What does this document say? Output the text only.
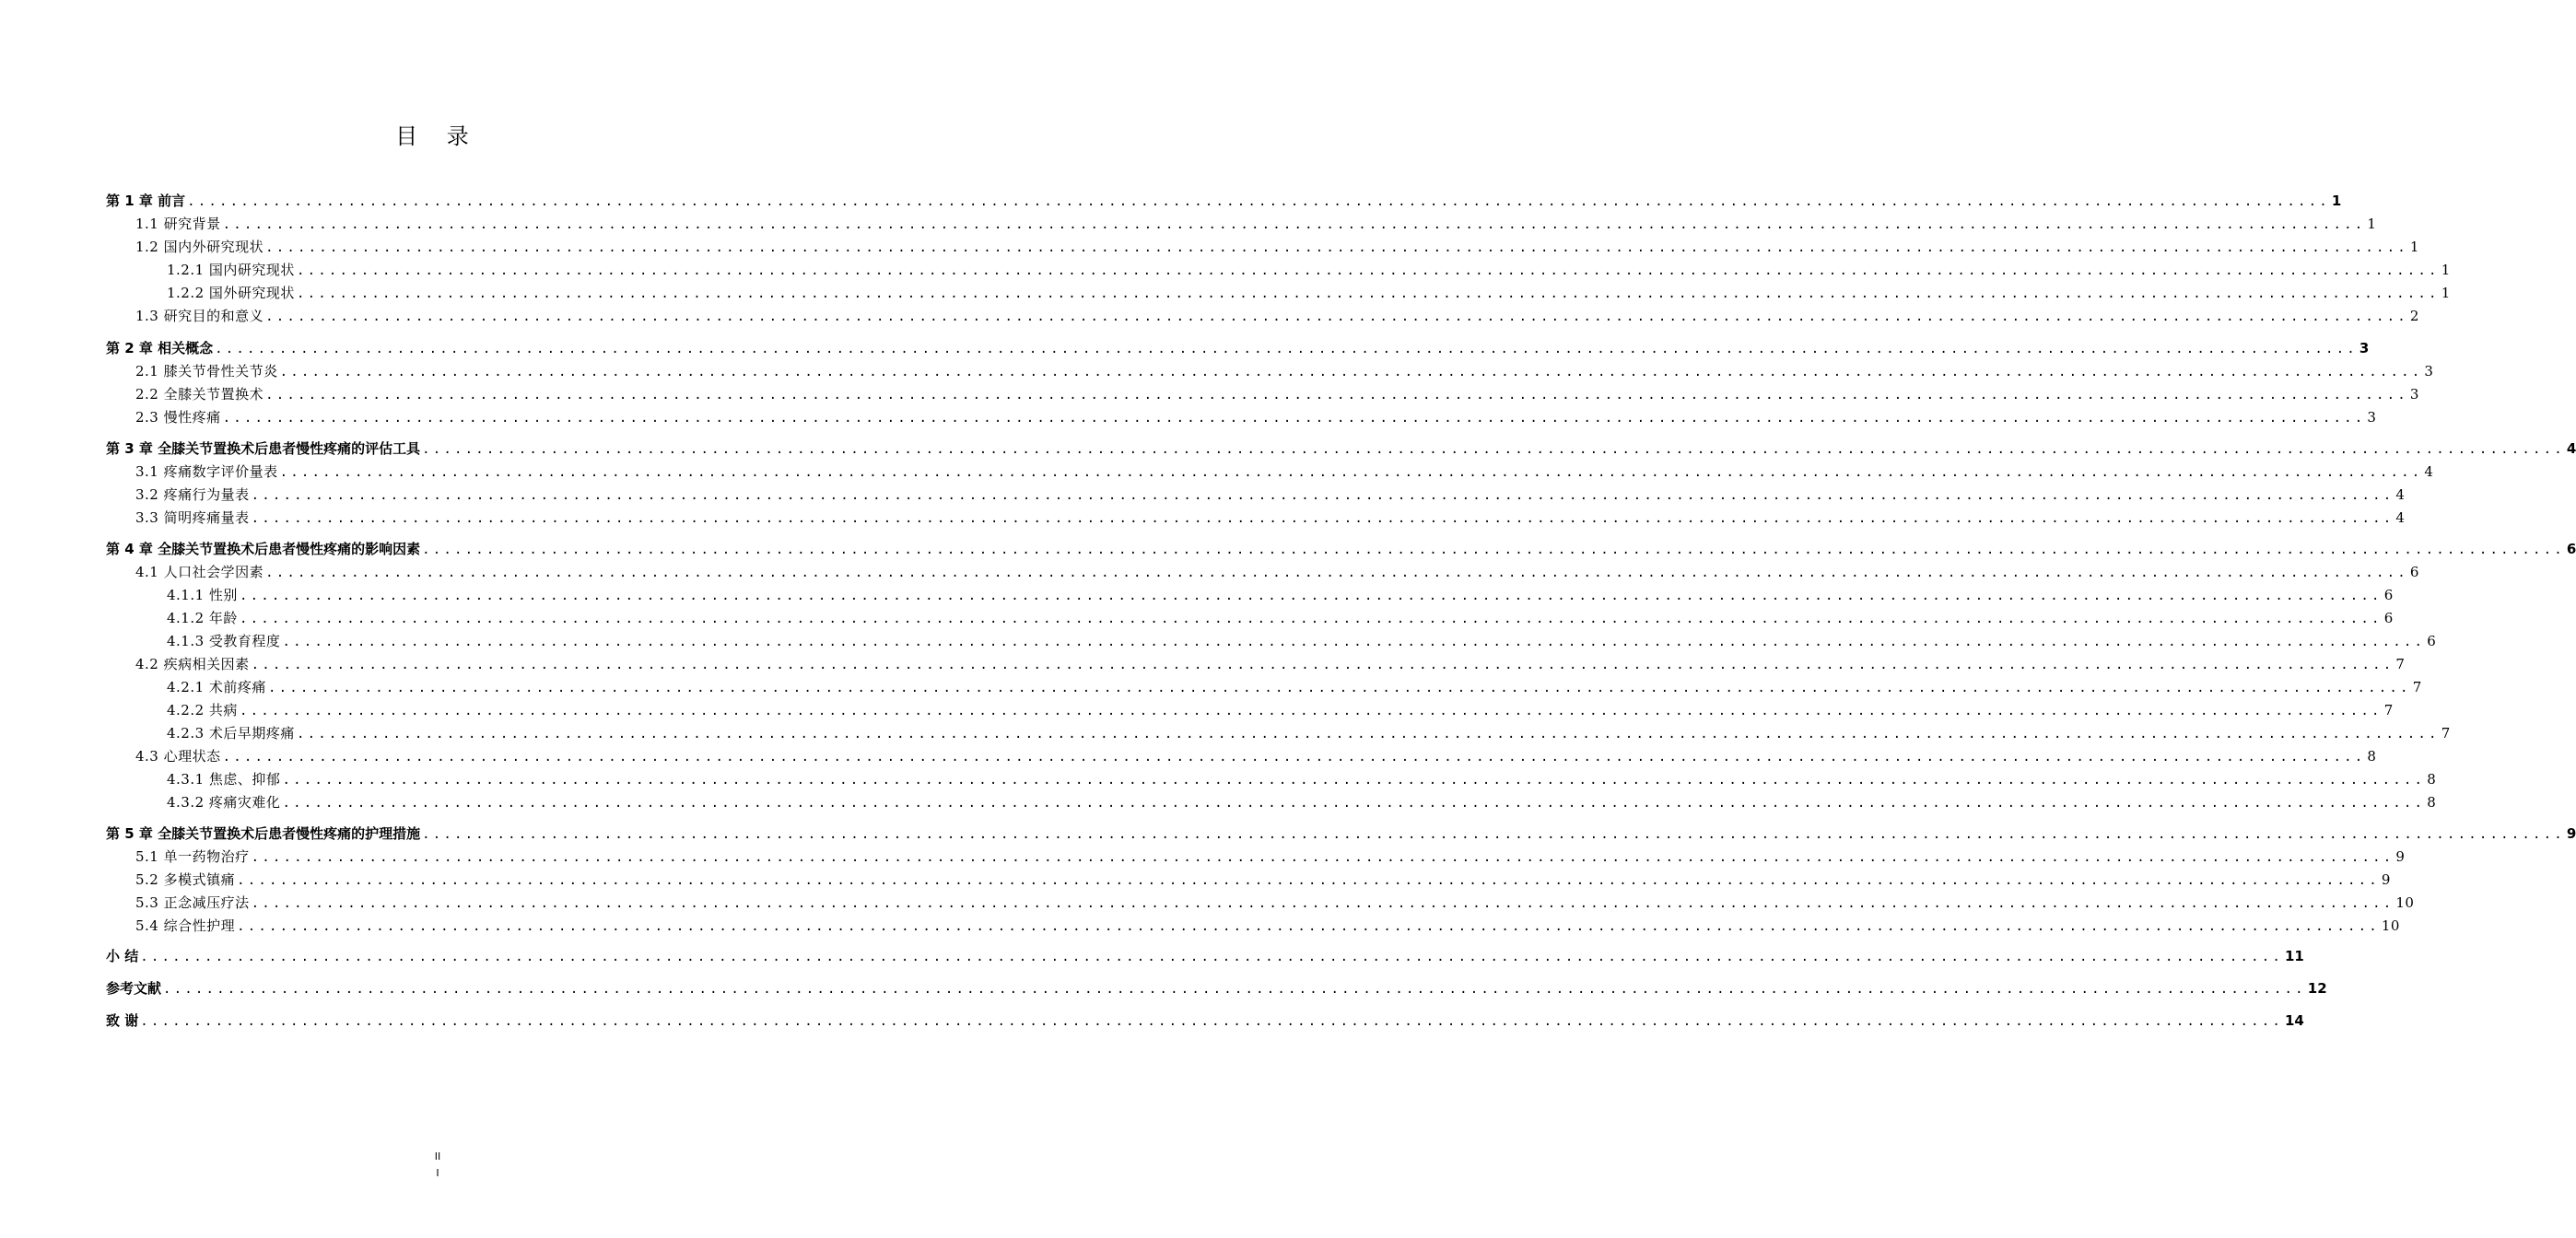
目 录
第 1 章 前言 ........................................................................................................................................................................................................ 1
1.1 研究背景 ........................................................................................................................................................................................................ 1
1.2 国内外研究现状 ........................................................................................................................................................................................................ 1
1.2.1 国内研究现状 ........................................................................................................................................................................................................ 1
1.2.2 国外研究现状 ........................................................................................................................................................................................................ 1
1.3 研究目的和意义 ........................................................................................................................................................................................................ 2
第 2 章 相关概念 ........................................................................................................................................................................................................ 3
2.1 膝关节骨性关节炎 ........................................................................................................................................................................................................ 3
2.2 全膝关节置换术 ........................................................................................................................................................................................................ 3
2.3 慢性疼痛 ........................................................................................................................................................................................................ 3
第 3 章 全膝关节置换术后患者慢性疼痛的评估工具 ........................................................................................................................................................................................................ 4
3.1 疼痛数字评价量表 ........................................................................................................................................................................................................ 4
3.2 疼痛行为量表 ........................................................................................................................................................................................................ 4
3.3 简明疼痛量表 ........................................................................................................................................................................................................ 4
第 4 章 全膝关节置换术后患者慢性疼痛的影响因素 ........................................................................................................................................................................................................ 6
4.1 人口社会学因素 ........................................................................................................................................................................................................ 6
4.1.1 性别 ........................................................................................................................................................................................................ 6
4.1.2 年龄 ........................................................................................................................................................................................................ 6
4.1.3 受教育程度 ........................................................................................................................................................................................................ 6
4.2 疾病相关因素 ........................................................................................................................................................................................................ 7
4.2.1 术前疼痛 ........................................................................................................................................................................................................ 7
4.2.2 共病 ........................................................................................................................................................................................................ 7
4.2.3 术后早期疼痛 ........................................................................................................................................................................................................ 7
4.3 心理状态 ........................................................................................................................................................................................................ 8
4.3.1 焦虑、抑郁 ........................................................................................................................................................................................................ 8
4.3.2 疼痛灾难化 ........................................................................................................................................................................................................ 8
第 5 章 全膝关节置换术后患者慢性疼痛的护理措施 ........................................................................................................................................................................................................ 9
5.1 单一药物治疗 ........................................................................................................................................................................................................ 9
5.2 多模式镇痛 ........................................................................................................................................................................................................ 9
5.3 正念减压疗法 ........................................................................................................................................................................................................ 10
5.4 综合性护理 ........................................................................................................................................................................................................ 10
小 结 ........................................................................................................................................................................................................ 11
参考文献 ........................................................................................................................................................................................................ 12
致 谢 ........................................................................................................................................................................................................ 14
II
I
